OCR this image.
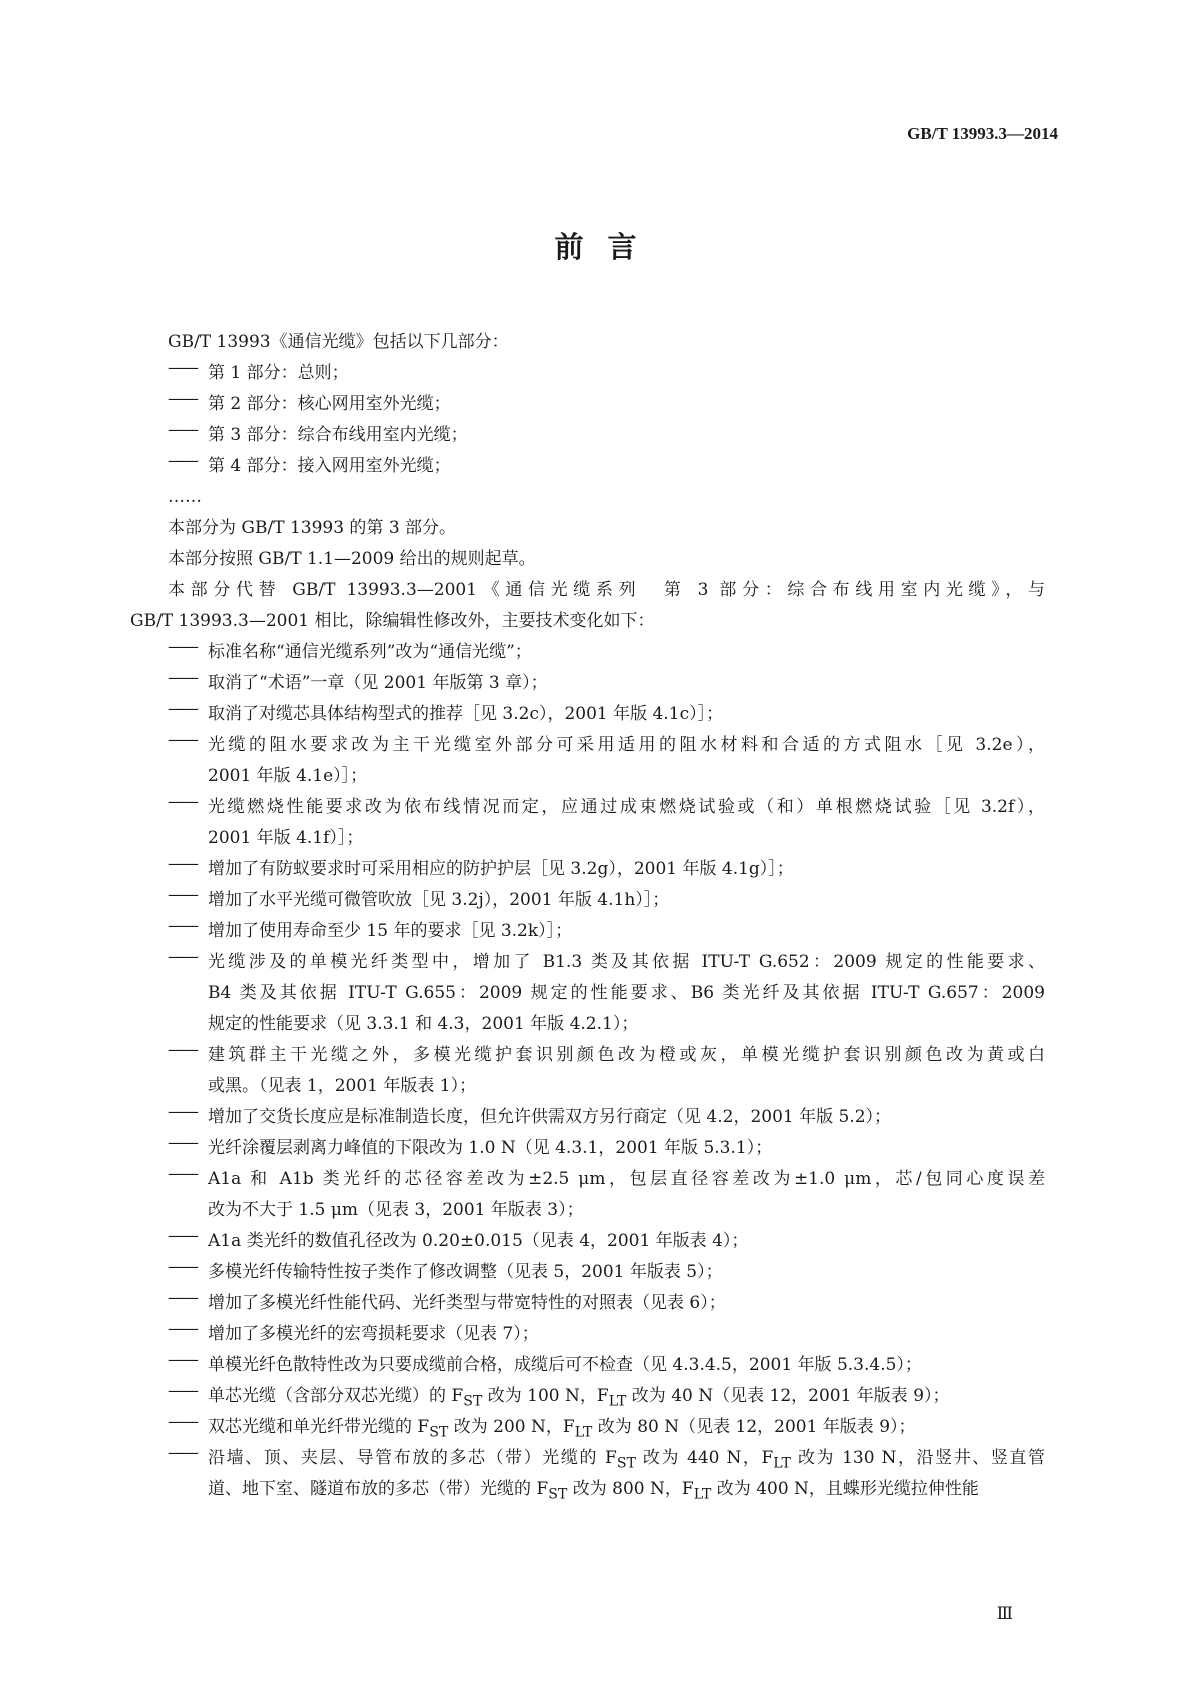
GB/T 13993.3—2014
前言
GB/T 13993《通信光缆》包括以下几部分：
—— 第 1 部分：总则；
—— 第 2 部分：核心网用室外光缆；
—— 第 3 部分：综合布线用室内光缆；
—— 第 4 部分：接入网用室外光缆；
……
本部分为 GB/T 13993 的第 3 部分。
本部分按照 GB/T 1.1—2009 给出的规则起草。
本部分代替 GB/T 13993.3—2001《通信光缆系列　第 3 部分：综合布线用室内光缆》，与
GB/T 13993.3—2001 相比，除编辑性修改外，主要技术变化如下：
—— 标准名称“通信光缆系列”改为“通信光缆”；
—— 取消了“术语”一章（见 2001 年版第 3 章）；
—— 取消了对缆芯具体结构型式的推荐［见 3.2c），2001 年版 4.1c）］；
—— 光缆的阻水要求改为主干光缆室外部分可采用适用的阻水材料和合适的方式阻水［见 3.2e），
2001 年版 4.1e）］；
—— 光缆燃烧性能要求改为依布线情况而定，应通过成束燃烧试验或（和）单根燃烧试验［见 3.2f），
2001 年版 4.1f）］；
—— 增加了有防蚁要求时可采用相应的防护护层［见 3.2g），2001 年版 4.1g）］；
—— 增加了水平光缆可微管吹放［见 3.2j），2001 年版 4.1h）］；
—— 增加了使用寿命至少 15 年的要求［见 3.2k）］；
—— 光缆涉及的单模光纤类型中，增加了 B1.3 类及其依据 ITU-T G.652：2009 规定的性能要求、
B4 类及其依据 ITU-T G.655：2009 规定的性能要求、B6 类光纤及其依据 ITU-T G.657：2009
规定的性能要求（见 3.3.1 和 4.3，2001 年版 4.2.1）；
—— 建筑群主干光缆之外，多模光缆护套识别颜色改为橙或灰，单模光缆护套识别颜色改为黄或白
或黑。（见表 1，2001 年版表 1）；
—— 增加了交货长度应是标准制造长度，但允许供需双方另行商定（见 4.2，2001 年版 5.2）；
—— 光纤涂覆层剥离力峰值的下限改为 1.0 N（见 4.3.1，2001 年版 5.3.1）；
—— A1a 和 A1b 类光纤的芯径容差改为±2.5 μm，包层直径容差改为±1.0 μm，芯/包同心度误差
改为不大于 1.5 μm（见表 3，2001 年版表 3）；
—— A1a 类光纤的数值孔径改为 0.20±0.015（见表 4，2001 年版表 4）；
—— 多模光纤传输特性按子类作了修改调整（见表 5，2001 年版表 5）；
—— 增加了多模光纤性能代码、光纤类型与带宽特性的对照表（见表 6）；
—— 增加了多模光纤的宏弯损耗要求（见表 7）；
—— 单模光纤色散特性改为只要成缆前合格，成缆后可不检查（见 4.3.4.5，2001 年版 5.3.4.5）；
—— 单芯光缆（含部分双芯光缆）的 $F_{ST}$ 改为 100 N，$F_{LT}$ 改为 40 N（见表 12，2001 年版表 9）；
—— 双芯光缆和单光纤带光缆的 $F_{ST}$ 改为 200 N，$F_{LT}$ 改为 80 N（见表 12，2001 年版表 9）；
—— 沿墙、顶、夹层、导管布放的多芯（带）光缆的 $F_{ST}$ 改为 440 N，$F_{LT}$ 改为 130 N，沿竖井、竖直管
道、地下室、隧道布放的多芯（带）光缆的 $F_{ST}$ 改为 800 N，$F_{LT}$ 改为 400 N，且蝶形光缆拉伸性能
Ⅲ
